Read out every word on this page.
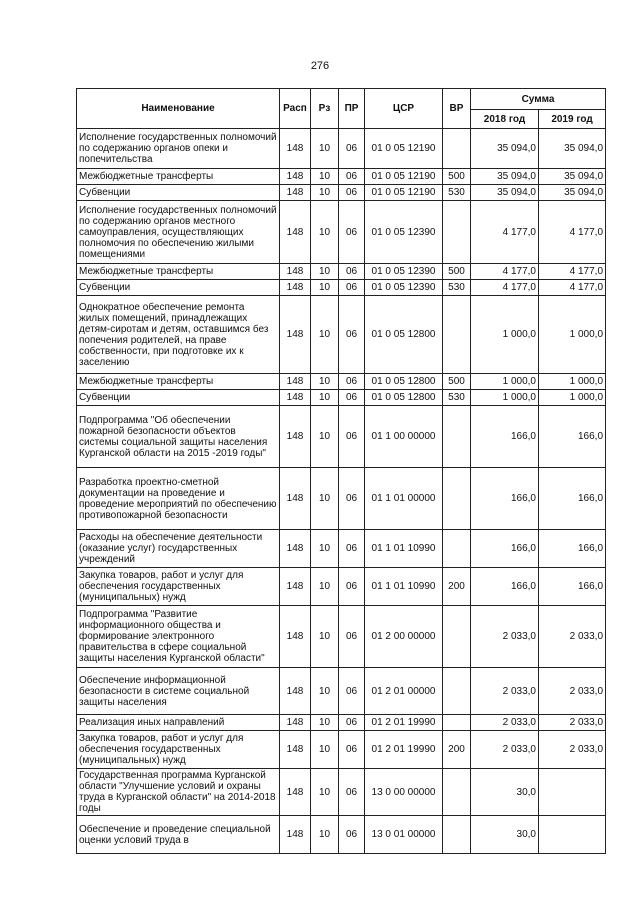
276
Наименование	Расп	Рз	ПР	ЦСР	ВР	Сумма	
						2018 год	2019 год
Исполнение государственных полномочий по содержанию органов опеки и попечительства	148	10	06	01 0 05 12190		35 094,0	35 094,0
Межбюджетные трансферты	148	10	06	01 0 05 12190	500	35 094,0	35 094,0
Субвенции	148	10	06	01 0 05 12190	530	35 094,0	35 094,0
Исполнение государственных полномочий по содержанию органов местного самоуправления, осуществляющих полномочия по обеспечению жилыми помещениями	148	10	06	01 0 05 12390		4 177,0	4 177,0
Межбюджетные трансферты	148	10	06	01 0 05 12390	500	4 177,0	4 177,0
Субвенции	148	10	06	01 0 05 12390	530	4 177,0	4 177,0
Однократное обеспечение ремонта жилых помещений, принадлежащих детям-сиротам и детям, оставшимся без попечения родителей, на праве собственности, при подготовке их к заселению	148	10	06	01 0 05 12800		1 000,0	1 000,0
Межбюджетные трансферты	148	10	06	01 0 05 12800	500	1 000,0	1 000,0
Субвенции	148	10	06	01 0 05 12800	530	1 000,0	1 000,0
Подпрограмма "Об обеспечении пожарной безопасности объектов системы социальной защиты населения Курганской области на 2015 -2019 годы"	148	10	06	01 1 00 00000		166,0	166,0
Разработка проектно-сметной документации на проведение и проведение мероприятий по обеспечению противопожарной безопасности	148	10	06	01 1 01 00000		166,0	166,0
Расходы на обеспечение деятельности (оказание услуг) государственных учреждений	148	10	06	01 1 01 10990		166,0	166,0
Закупка товаров, работ и услуг для обеспечения государственных (муниципальных) нужд	148	10	06	01 1 01 10990	200	166,0	166,0
Подпрограмма "Развитие информационного общества и формирование электронного правительства в сфере социальной защиты населения Курганской области"	148	10	06	01 2 00 00000		2 033,0	2 033,0
Обеспечение информационной безопасности в системе социальной защиты населения	148	10	06	01 2 01 00000		2 033,0	2 033,0
Реализация иных направлений	148	10	06	01 2 01 19990		2 033,0	2 033,0
Закупка товаров, работ и услуг для обеспечения государственных (муниципальных) нужд	148	10	06	01 2 01 19990	200	2 033,0	2 033,0
Государственная программа Курганской области "Улучшение условий и охраны труда в Курганской области" на 2014-2018 годы	148	10	06	13 0 00 00000		30,0	
Обеспечение и проведение специальной оценки условий труда в	148	10	06	13 0 01 00000		30,0	
